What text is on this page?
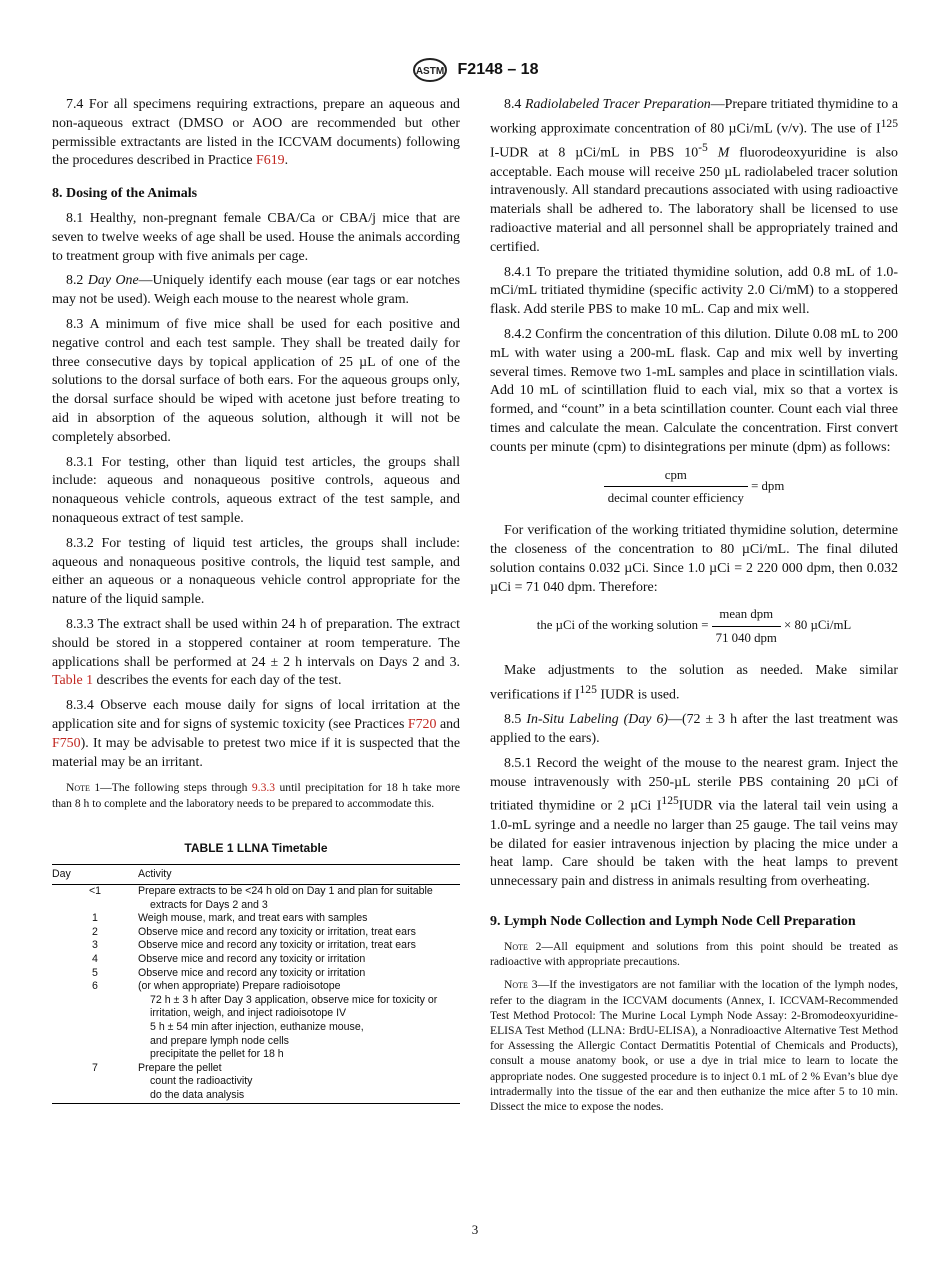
ASTM F2148 – 18

7.4 For all specimens requiring extractions, prepare an aqueous and non-aqueous extract (DMSO or AOO are recommended but other permissible extractants are listed in the ICCVAM documents) following the procedures described in Practice F619.

8. Dosing of the Animals

8.1 Healthy, non-pregnant female CBA/Ca or CBA/j mice that are seven to twelve weeks of age shall be used. House the animals according to treatment group with five animals per cage.

8.2 Day One—Uniquely identify each mouse (ear tags or ear notches may not be used). Weigh each mouse to the nearest whole gram.

8.3 A minimum of five mice shall be used for each positive and negative control and each test sample. They shall be treated daily for three consecutive days by topical application of 25 µL of one of the solutions to the dorsal surface of both ears. For the aqueous groups only, the dorsal surface should be wiped with acetone just before treating to aid in absorption of the aqueous solution, although it will not be completely absorbed.

8.3.1 For testing, other than liquid test articles, the groups shall include: aqueous and nonaqueous positive controls, aqueous and nonaqueous vehicle controls, aqueous extract of the test sample, and nonaqueous extract of test sample.

8.3.2 For testing of liquid test articles, the groups shall include: aqueous and nonaqueous positive controls, the liquid test sample, and either an aqueous or a nonaqueous vehicle control appropriate for the nature of the liquid sample.

8.3.3 The extract shall be used within 24 h of preparation. The extract should be stored in a stoppered container at room temperature. The applications shall be performed at 24 ± 2 h intervals on Days 2 and 3. Table 1 describes the events for each day of the test.

8.3.4 Observe each mouse daily for signs of local irritation at the application site and for signs of systemic toxicity (see Practices F720 and F750). It may be advisable to pretest two mice if it is suspected that the material may be an irritant.

Note 1—The following steps through 9.3.3 until precipitation for 18 h take more than 8 h to complete and the laboratory needs to be prepared to accommodate this.
TABLE 1 LLNA Timetable
Day	Activity
<1	Prepare extracts to be <24 h old on Day 1 and plan for suitable
extracts for Days 2 and 3

1	Weigh mouse, mark, and treat ears with samples
2	Observe mice and record any toxicity or irritation, treat ears
3	Observe mice and record any toxicity or irritation, treat ears
4	Observe mice and record any toxicity or irritation
5	Observe mice and record any toxicity or irritation
6	(or when appropriate) Prepare radioisotope
72 h ± 3 h after Day 3 application, observe mice for toxicity or irritation, weigh, and inject radioisotope IV
5 h ± 54 min after injection, euthanize mouse,
and prepare lymph node cells
precipitate the pellet for 18 h

7	Prepare the pellet
count the radioactivity
do the data analysis

8.4 Radiolabeled Tracer Preparation—Prepare tritiated thymidine to a working approximate concentration of 80 µCi/mL (v/v). The use of $I^{125}$ I-UDR at 8 µCi/mL in PBS $10^{-5}$ M fluorodeoxyuridine is also acceptable. Each mouse will receive 250 µL radiolabeled tracer solution intravenously. All standard precautions associated with using radioactive materials shall be adhered to. The laboratory shall be licensed to use radioactive material and all personnel shall be appropriately trained and certified.

8.4.1 To prepare the tritiated thymidine solution, add 0.8 mL of 1.0-mCi/mL tritiated thymidine (specific activity 2.0 Ci/mM) to a stoppered flask. Add sterile PBS to make 10 mL. Cap and mix well.

8.4.2 Confirm the concentration of this dilution. Dilute 0.08 mL to 200 mL with water using a 200-mL flask. Cap and mix well by inverting several times. Remove two 1-mL samples and place in scintillation vials. Add 10 mL of scintillation fluid to each vial, mix so that a vortex is formed, and “count” in a beta scintillation counter. Count each vial three times and calculate the mean. Calculate the concentration. First convert counts per minute (cpm) to disintegrations per minute (dpm) as follows:

$\frac{\text{cpm}}{\text{decimal counter efficiency}}$ = dpm

For verification of the working tritiated thymidine solution, determine the closeness of the concentration to 80 µCi/mL. The final diluted solution contains 0.032 µCi. Since 1.0 µCi = 2 220 000 dpm, then 0.032 µCi = 71 040 dpm. Therefore:

the µCi of the working solution = $\frac{\text{mean dpm}}{\text{71 040 dpm}} \times 80$ µCi/mL

Make adjustments to the solution as needed. Make similar verifications if $I^{125}$ IUDR is used.

8.5 In-Situ Labeling (Day 6)—(72 ± 3 h after the last treatment was applied to the ears).

8.5.1 Record the weight of the mouse to the nearest gram. Inject the mouse intravenously with 250-µL sterile PBS containing 20 µCi of tritiated thymidine or 2 µCi $I^{125}IUDR$ via the lateral tail vein using a 1.0-mL syringe and a needle no larger than 25 gauge. The tail veins may be dilated for easier intravenous injection by placing the mice under a heat lamp. Care should be taken with the heat lamps to prevent unnecessary pain and distress in animals resulting from overheating.

9. Lymph Node Collection and Lymph Node Cell Preparation
Note 2—All equipment and solutions from this point should be treated as radioactive with appropriate precautions.
Note 3—If the investigators are not familiar with the location of the lymph nodes, refer to the diagram in the ICCVAM documents (Annex, I. ICCVAM-Recommended Test Method Protocol: The Murine Local Lymph Node Assay: 2-Bromodeoxyuridine-ELISA Test Method (LLNA: BrdU-ELISA), a Nonradioactive Alternative Test Method for Assessing the Allergic Contact Dermatitis Potential of Chemicals and Products), consult a mouse anatomy book, or use a dye in trial mice to learn to locate the appropriate nodes. One suggested procedure is to inject 0.1 mL of 2 % Evan’s blue dye intradermally into the tissue of the ear and then euthanize the mice after 5 to 10 min. Dissect the mice to expose the nodes.
3
